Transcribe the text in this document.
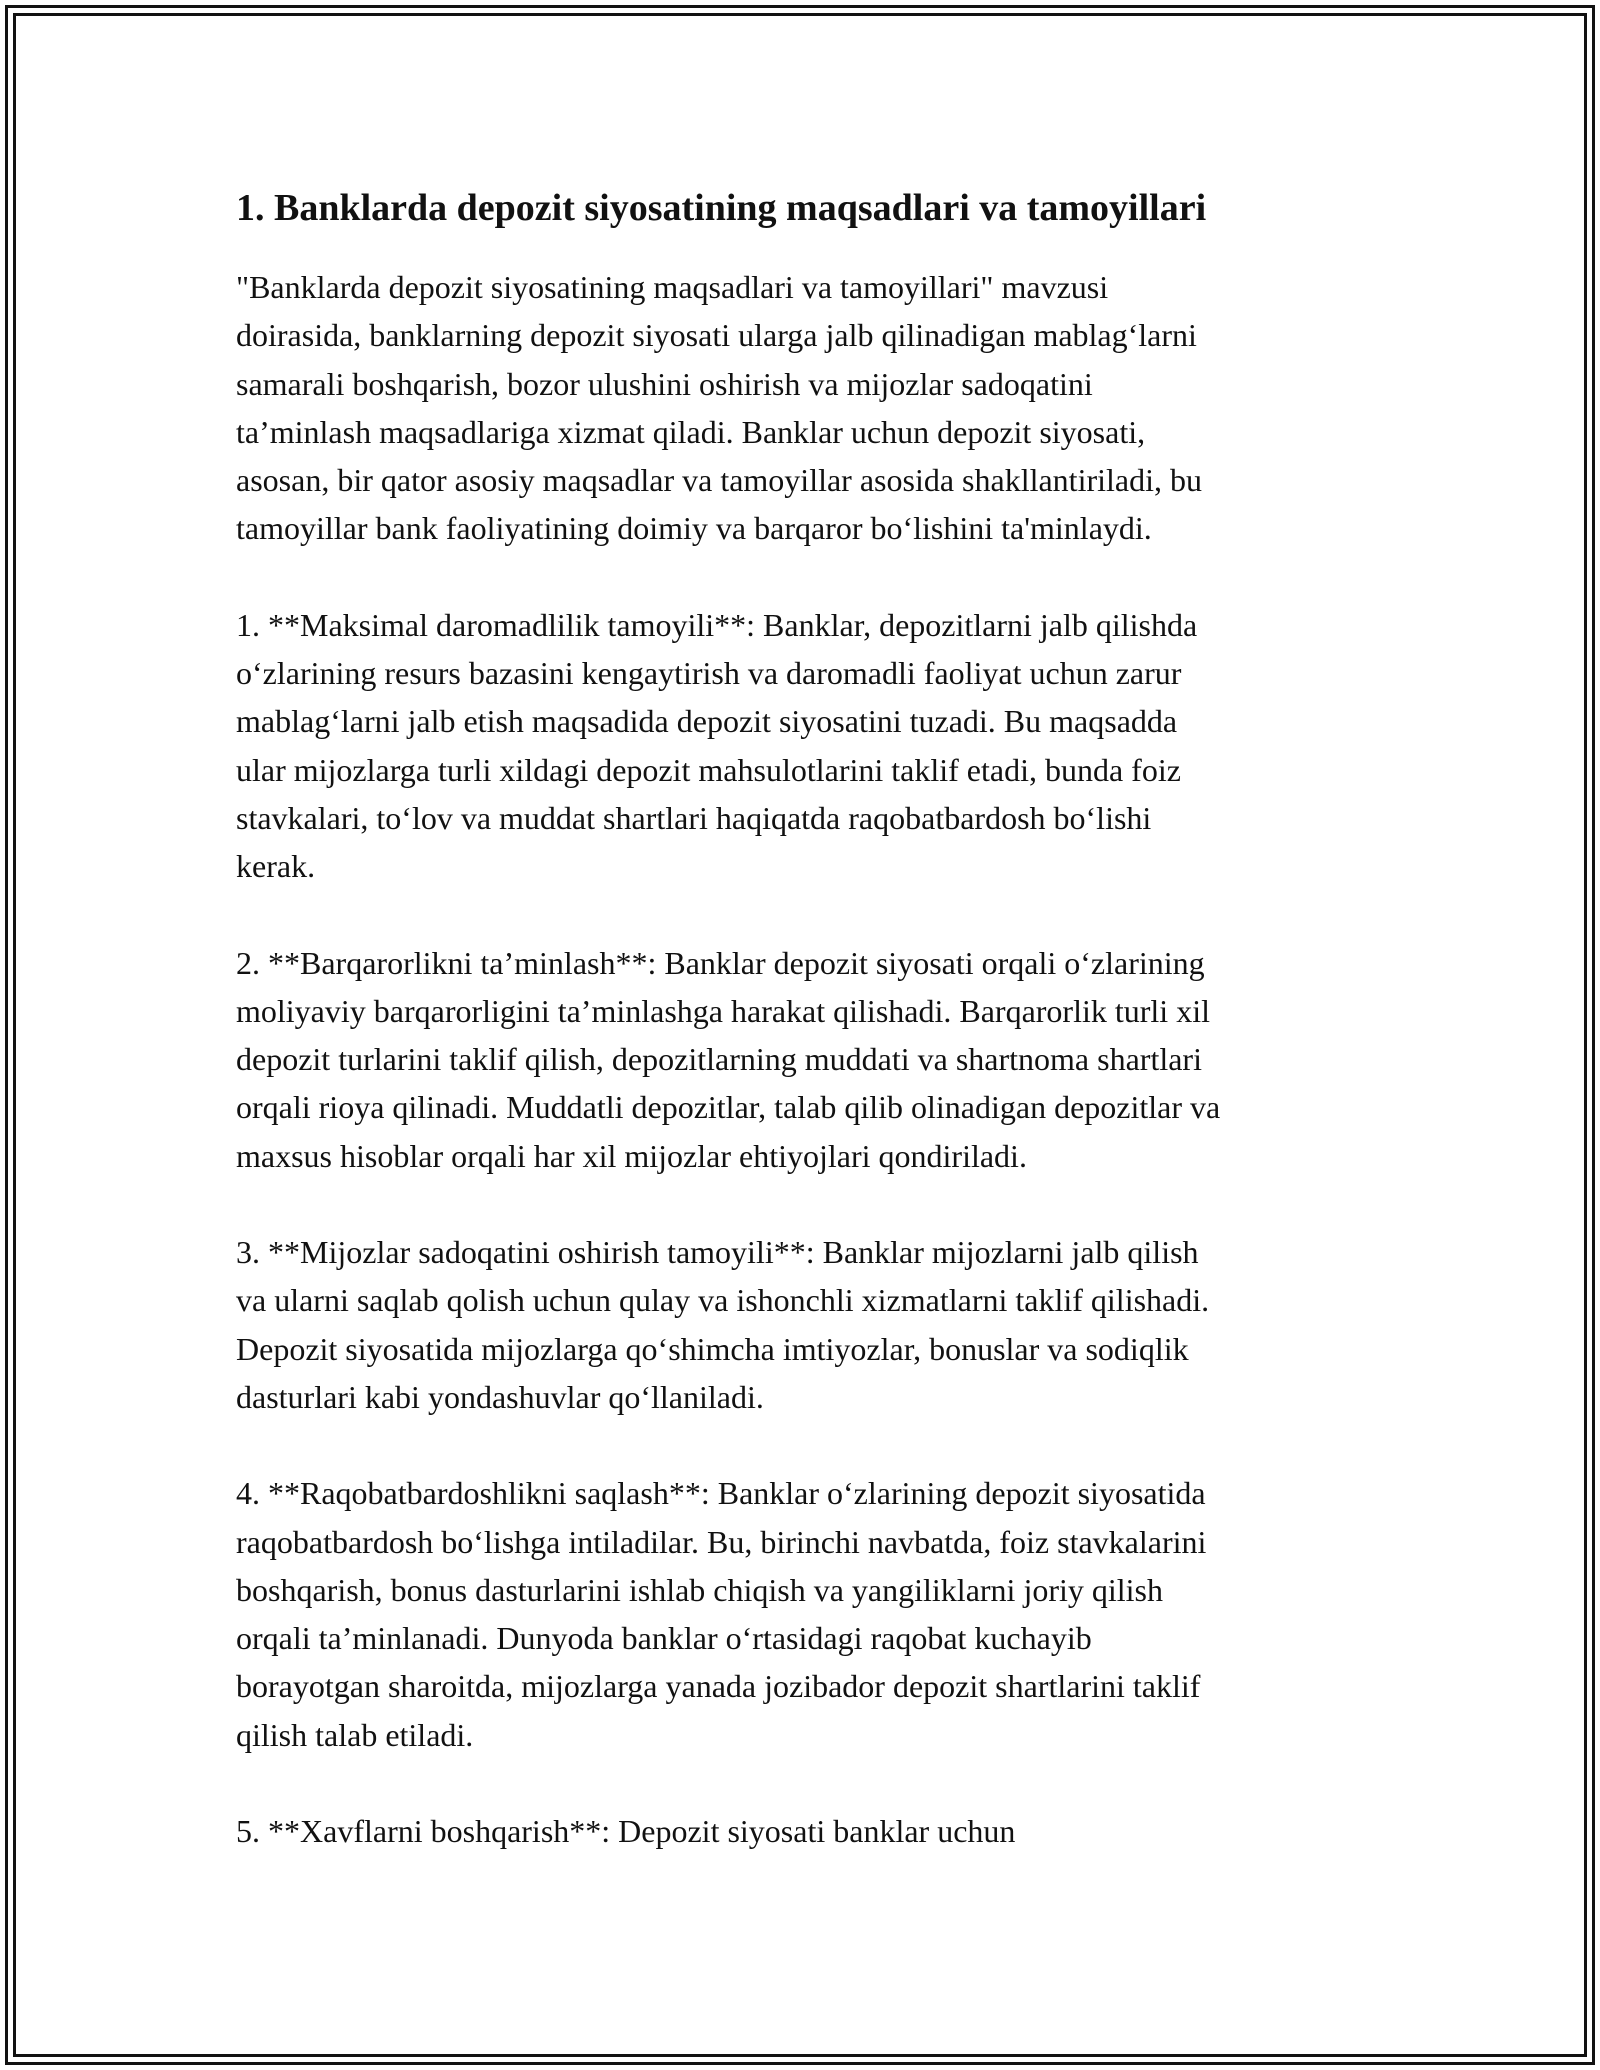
1. Banklarda depozit siyosatining maqsadlari va tamoyillari

"Banklarda depozit siyosatining maqsadlari va tamoyillari" mavzusi
doirasida, banklarning depozit siyosati ularga jalb qilinadigan mablag‘larni
samarali boshqarish, bozor ulushini oshirish va mijozlar sadoqatini
ta’minlash maqsadlariga xizmat qiladi. Banklar uchun depozit siyosati,
asosan, bir qator asosiy maqsadlar va tamoyillar asosida shakllantiriladi, bu
tamoyillar bank faoliyatining doimiy va barqaror bo‘lishini ta'minlaydi.

1. **Maksimal daromadlilik tamoyili**: Banklar, depozitlarni jalb qilishda
o‘zlarining resurs bazasini kengaytirish va daromadli faoliyat uchun zarur
mablag‘larni jalb etish maqsadida depozit siyosatini tuzadi. Bu maqsadda
ular mijozlarga turli xildagi depozit mahsulotlarini taklif etadi, bunda foiz
stavkalari, to‘lov va muddat shartlari haqiqatda raqobatbardosh bo‘lishi
kerak.

2. **Barqarorlikni ta’minlash**: Banklar depozit siyosati orqali o‘zlarining
moliyaviy barqarorligini ta’minlashga harakat qilishadi. Barqarorlik turli xil
depozit turlarini taklif qilish, depozitlarning muddati va shartnoma shartlari
orqali rioya qilinadi. Muddatli depozitlar, talab qilib olinadigan depozitlar va
maxsus hisoblar orqali har xil mijozlar ehtiyojlari qondiriladi.

3. **Mijozlar sadoqatini oshirish tamoyili**: Banklar mijozlarni jalb qilish
va ularni saqlab qolish uchun qulay va ishonchli xizmatlarni taklif qilishadi.
Depozit siyosatida mijozlarga qo‘shimcha imtiyozlar, bonuslar va sodiqlik
dasturlari kabi yondashuvlar qo‘llaniladi.

4. **Raqobatbardoshlikni saqlash**: Banklar o‘zlarining depozit siyosatida
raqobatbardosh bo‘lishga intiladilar. Bu, birinchi navbatda, foiz stavkalarini
boshqarish, bonus dasturlarini ishlab chiqish va yangiliklarni joriy qilish
orqali ta’minlanadi. Dunyoda banklar o‘rtasidagi raqobat kuchayib
borayotgan sharoitda, mijozlarga yanada jozibador depozit shartlarini taklif
qilish talab etiladi.

5. **Xavflarni boshqarish**: Depozit siyosati banklar uchun
